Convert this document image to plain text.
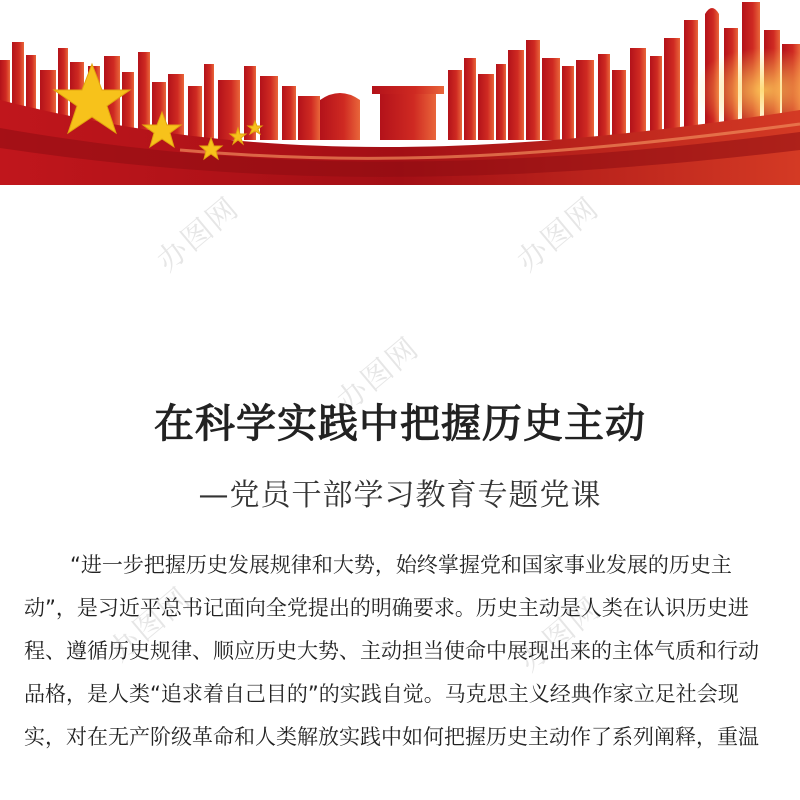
办图网	办图网
办图网
办图网	办图网
在科学实践中把握历史主动
—党员干部学习教育专题党课
“进一步把握历史发展规律和大势，始终掌握党和国家事业发展的历史主
动”，是习近平总书记面向全党提出的明确要求。历史主动是人类在认识历史进
程、遵循历史规律、顺应历史大势、主动担当使命中展现出来的主体气质和行动
品格，是人类“追求着自己目的”的实践自觉。马克思主义经典作家立足社会现
实，对在无产阶级革命和人类解放实践中如何把握历史主动作了系列阐释，重温
